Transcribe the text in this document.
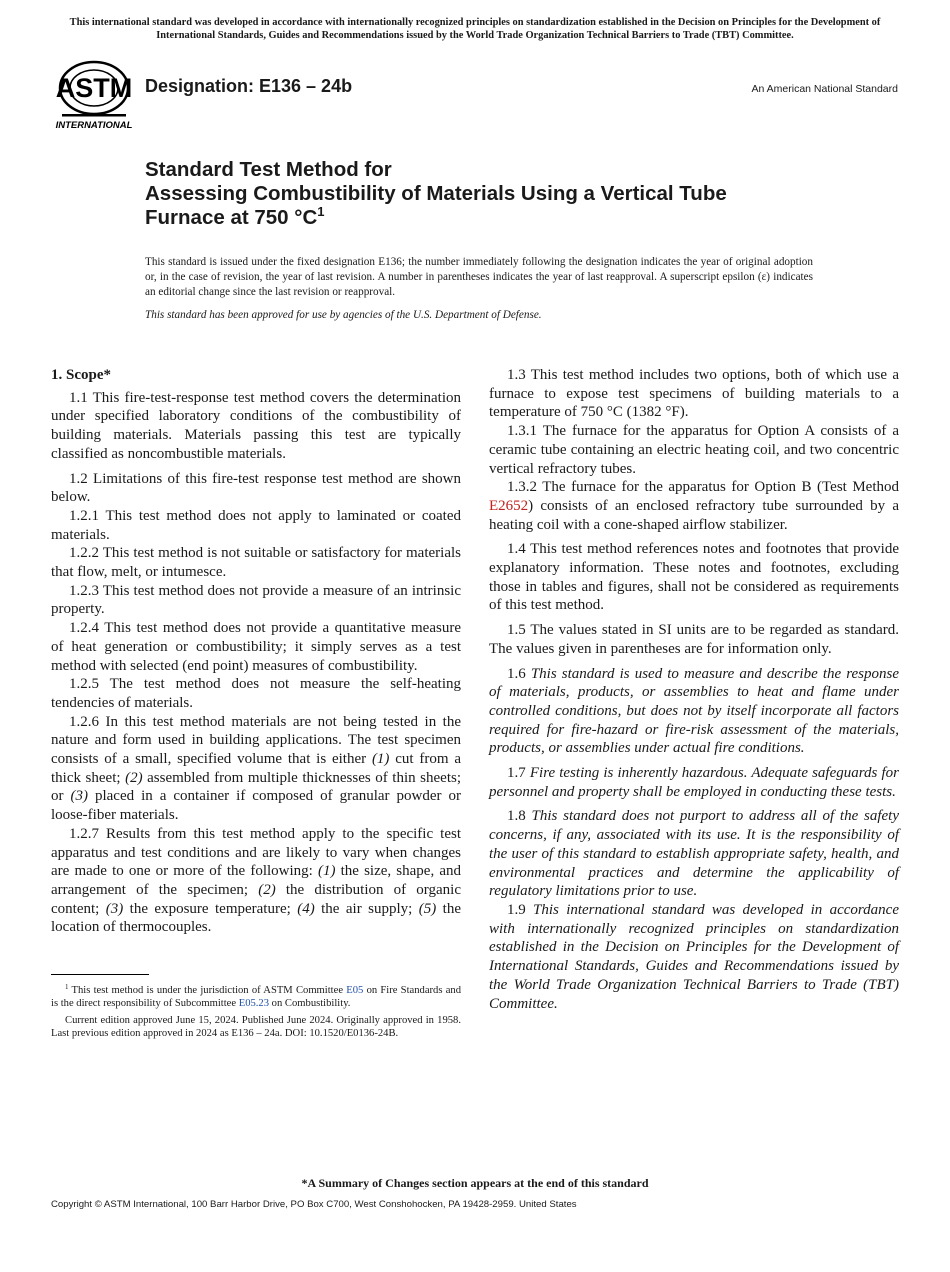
This international standard was developed in accordance with internationally recognized principles on standardization established in the Decision on Principles for the Development of International Standards, Guides and Recommendations issued by the World Trade Organization Technical Barriers to Trade (TBT) Committee.
ASTM
INTERNATIONAL
Designation: E136 – 24b	An American National Standard
Standard Test Method for
Assessing Combustibility of Materials Using a Vertical Tube
Furnace at 750 $^\circ C^1$
This standard is issued under the fixed designation E136; the number immediately following the designation indicates the year of original adoption or, in the case of revision, the year of last revision. A number in parentheses indicates the year of last reapproval. A superscript epsilon (ε) indicates an editorial change since the last revision or reapproval.
This standard has been approved for use by agencies of the U.S. Department of Defense.
1. Scope*

1.1 This fire-test-response test method covers the determination under specified laboratory conditions of the combustibility of building materials. Materials passing this test are typically classified as noncombustible materials.

1.2 Limitations of this fire-test response test method are shown below.

1.2.1 This test method does not apply to laminated or coated materials.

1.2.2 This test method is not suitable or satisfactory for materials that flow, melt, or intumesce.

1.2.3 This test method does not provide a measure of an intrinsic property.

1.2.4 This test method does not provide a quantitative measure of heat generation or combustibility; it simply serves as a test method with selected (end point) measures of combustibility.

1.2.5 The test method does not measure the self-heating tendencies of materials.

1.2.6 In this test method materials are not being tested in the nature and form used in building applications. The test specimen consists of a small, specified volume that is either (1) cut from a thick sheet; (2) assembled from multiple thicknesses of thin sheets; or (3) placed in a container if composed of granular powder or loose-fiber materials.

1.2.7 Results from this test method apply to the specific test apparatus and test conditions and are likely to vary when changes are made to one or more of the following: (1) the size, shape, and arrangement of the specimen; (2) the distribution of organic content; (3) the exposure temperature; (4) the air supply; (5) the location of thermocouples.

1.3 This test method includes two options, both of which use a furnace to expose test specimens of building materials to a temperature of 750 °C (1382 °F).

1.3.1 The furnace for the apparatus for Option A consists of a ceramic tube containing an electric heating coil, and two concentric vertical refractory tubes.

1.3.2 The furnace for the apparatus for Option B (Test Method E2652) consists of an enclosed refractory tube surrounded by a heating coil with a cone-shaped airflow stabilizer.

1.4 This test method references notes and footnotes that provide explanatory information. These notes and footnotes, excluding those in tables and figures, shall not be considered as requirements of this test method.

1.5 The values stated in SI units are to be regarded as standard. The values given in parentheses are for information only.

1.6 This standard is used to measure and describe the response of materials, products, or assemblies to heat and flame under controlled conditions, but does not by itself incorporate all factors required for fire-hazard or fire-risk assessment of the materials, products, or assemblies under actual fire conditions.

1.7 Fire testing is inherently hazardous. Adequate safeguards for personnel and property shall be employed in conducting these tests.

1.8 This standard does not purport to address all of the safety concerns, if any, associated with its use. It is the responsibility of the user of this standard to establish appropriate safety, health, and environmental practices and determine the applicability of regulatory limitations prior to use.

1.9 This international standard was developed in accordance with internationally recognized principles on standardization established in the Decision on Principles for the Development of International Standards, Guides and Recommendations issued by the World Trade Organization Technical Barriers to Trade (TBT) Committee.

$^1$ This test method is under the jurisdiction of ASTM Committee E05 on Fire Standards and is the direct responsibility of Subcommittee E05.23 on Combustibility.

Current edition approved June 15, 2024. Published June 2024. Originally approved in 1958. Last previous edition approved in 2024 as E136 – 24a. DOI: 10.1520/E0136-24B.

*A Summary of Changes section appears at the end of this standard
Copyright © ASTM International, 100 Barr Harbor Drive, PO Box C700, West Conshohocken, PA 19428-2959. United States
